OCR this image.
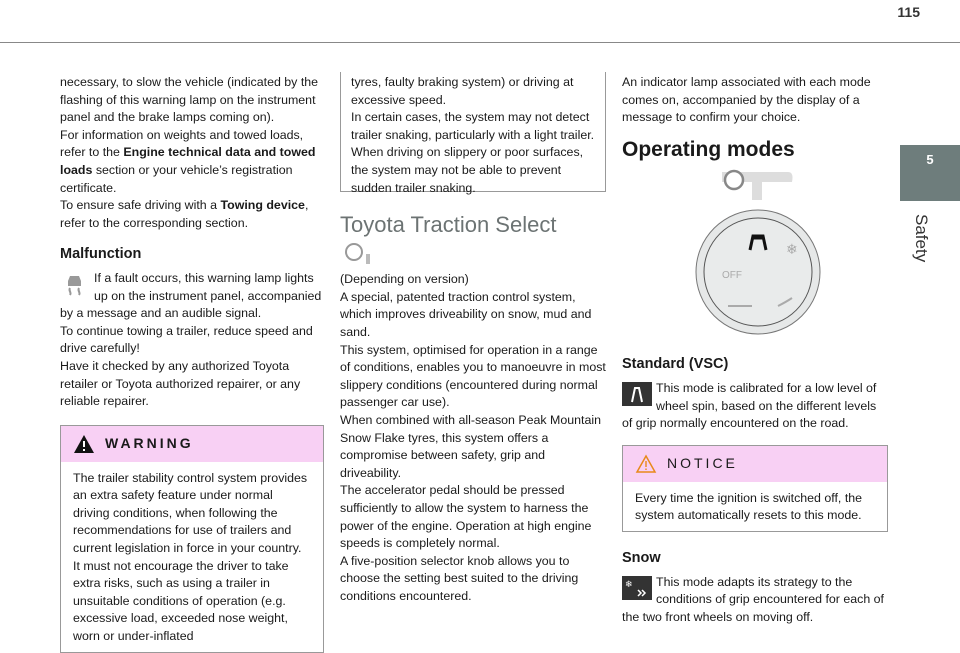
115
5
Safety

necessary, to slow the vehicle (indicated by the flashing of this warning lamp on the instrument panel and the brake lamps coming on).

For information on weights and towed loads, refer to the Engine technical data and towed loads section or your vehicle’s registration certificate.

To ensure safe driving with a Towing device, refer to the corresponding section.

Malfunction

If a fault occurs, this warning lamp lights up on the instrument panel, accompanied by a message and an audible signal.

To continue towing a trailer, reduce speed and drive carefully!

Have it checked by any authorized Toyota retailer or Toyota authorized repairer, or any reliable repairer.

WARNING
The trailer stability control system provides an extra safety feature under normal driving conditions, when following the recommendations for use of trailers and current legislation in force in your country. It must not encourage the driver to take extra risks, such as using a trailer in unsuitable conditions of operation (e.g. excessive load, exceeded nose weight, worn or under-inflated
tyres, faulty braking system) or driving at excessive speed.
In certain cases, the system may not detect trailer snaking, particularly with a light trailer.
When driving on slippery or poor surfaces, the system may not be able to prevent sudden trailer snaking.
Toyota Traction Select

(Depending on version)

A special, patented traction control system, which improves driveability on snow, mud and sand.

This system, optimised for operation in a range of conditions, enables you to manoeuvre in most slippery conditions (encountered during normal passenger car use).

When combined with all-season Peak Mountain Snow Flake tyres, this system offers a compromise between safety, grip and driveability.

The accelerator pedal should be pressed sufficiently to allow the system to harness the power of the engine. Operation at high engine speeds is completely normal.

A five-position selector knob allows you to choose the setting best suited to the driving conditions encountered.

An indicator lamp associated with each mode comes on, accompanied by the display of a message to confirm your choice.

Operating modes
OFF
❄
Standard (VSC)

This mode is calibrated for a low level of wheel spin, based on the different levels of grip normally encountered on the road.

NOTICE
Every time the ignition is switched off, the system automatically resets to this mode.
Snow

❄ This mode adapts its strategy to the conditions of grip encountered for each of the two front wheels on moving off.
